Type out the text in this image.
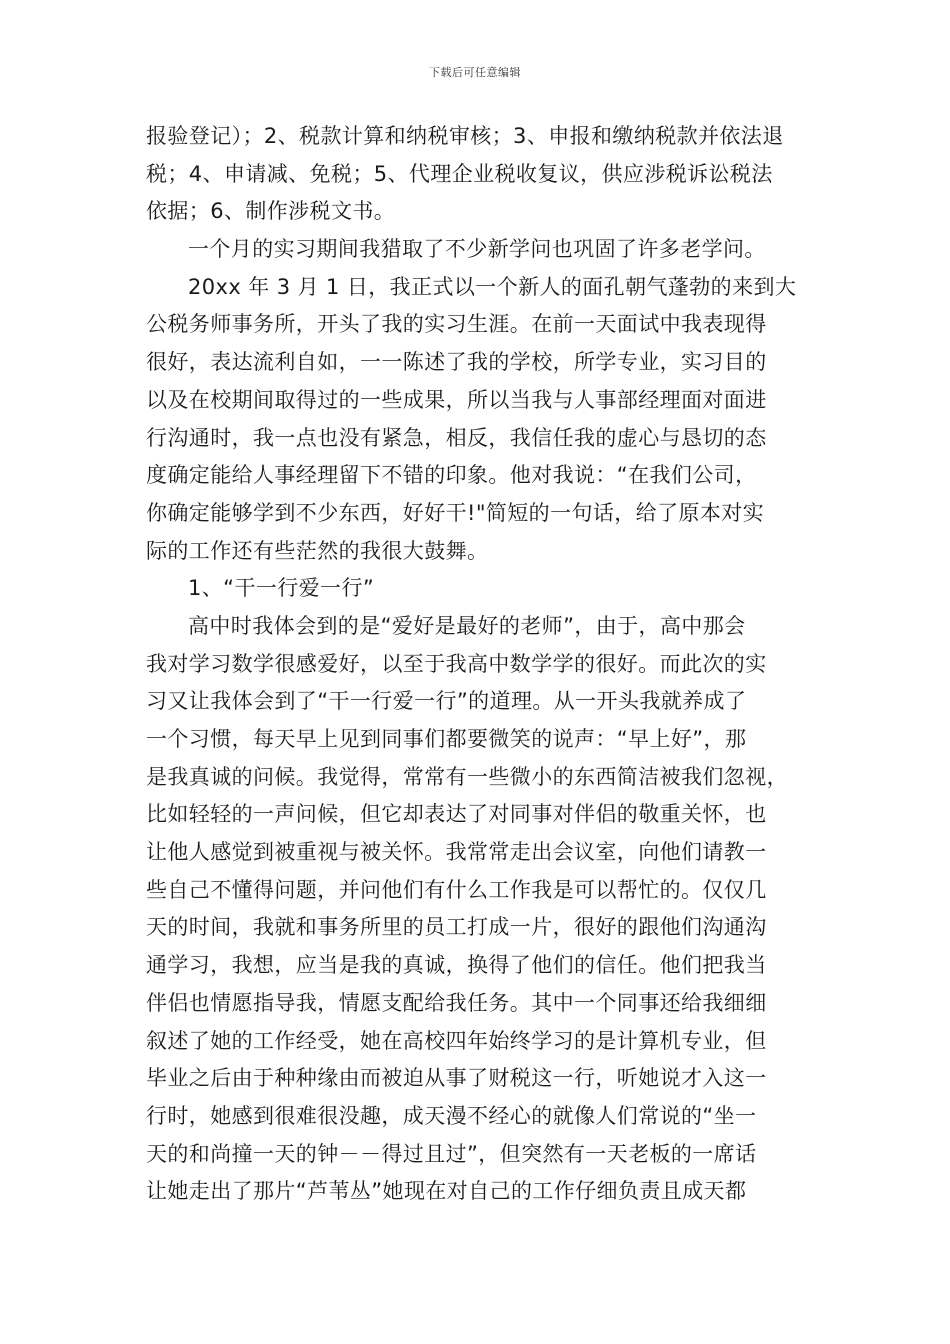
下载后可任意编辑
报验登记）；2、税款计算和纳税审核；3、申报和缴纳税款并依法退
税；4、申请减、免税；5、代理企业税收复议，供应涉税诉讼税法
依据；6、制作涉税文书。
一个月的实习期间我猎取了不少新学问也巩固了许多老学问。
20xx 年 3 月 1 日，我正式以一个新人的面孔朝气蓬勃的来到大
公税务师事务所，开头了我的实习生涯。在前一天面试中我表现得
很好，表达流利自如，一一陈述了我的学校，所学专业，实习目的
以及在校期间取得过的一些成果，所以当我与人事部经理面对面进
行沟通时，我一点也没有紧急，相反，我信任我的虚心与恳切的态
度确定能给人事经理留下不错的印象。他对我说：“在我们公司，
你确定能够学到不少东西，好好干!"简短的一句话，给了原本对实
际的工作还有些茫然的我很大鼓舞。
1、“干一行爱一行”
高中时我体会到的是“爱好是最好的老师”，由于，高中那会
我对学习数学很感爱好，以至于我高中数学学的很好。而此次的实
习又让我体会到了“干一行爱一行”的道理。从一开头我就养成了
一个习惯，每天早上见到同事们都要微笑的说声：“早上好”，那
是我真诚的问候。我觉得，常常有一些微小的东西简洁被我们忽视，
比如轻轻的一声问候，但它却表达了对同事对伴侣的敬重关怀，也
让他人感觉到被重视与被关怀。我常常走出会议室，向他们请教一
些自己不懂得问题，并问他们有什么工作我是可以帮忙的。仅仅几
天的时间，我就和事务所里的员工打成一片，很好的跟他们沟通沟
通学习，我想，应当是我的真诚，换得了他们的信任。他们把我当
伴侣也情愿指导我，情愿支配给我任务。其中一个同事还给我细细
叙述了她的工作经受，她在高校四年始终学习的是计算机专业，但
毕业之后由于种种缘由而被迫从事了财税这一行，听她说才入这一
行时，她感到很难很没趣，成天漫不经心的就像人们常说的“坐一
天的和尚撞一天的钟－－得过且过”，但突然有一天老板的一席话
让她走出了那片“芦苇丛”她现在对自己的工作仔细负责且成天都
